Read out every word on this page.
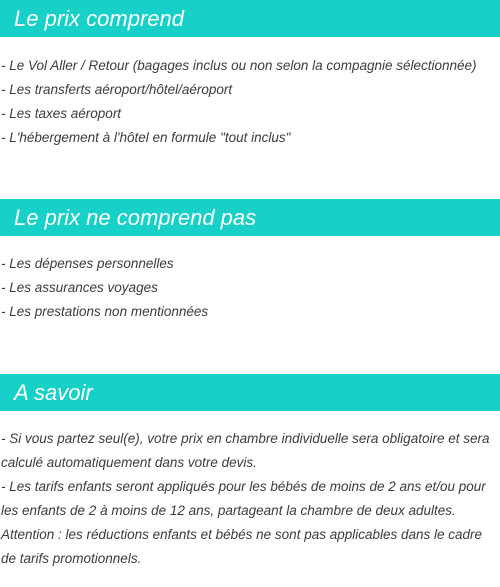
Le prix comprend
- Le Vol Aller / Retour (bagages inclus ou non selon la compagnie sélectionnée)
- Les transferts aéroport/hôtel/aéroport
- Les taxes aéroport
- L'hébergement à l'hôtel en formule "tout inclus"
Le prix ne comprend pas
- Les dépenses personnelles
- Les assurances voyages
- Les prestations non mentionnées
A savoir
- Si vous partez seul(e), votre prix en chambre individuelle sera obligatoire et sera calculé automatiquement dans votre devis.
- Les tarifs enfants seront appliqués pour les bébés de moins de 2 ans et/ou pour les enfants de 2 à moins de 12 ans, partageant la chambre de deux adultes.
Attention : les réductions enfants et bébés ne sont pas applicables dans le cadre de tarifs promotionnels.
